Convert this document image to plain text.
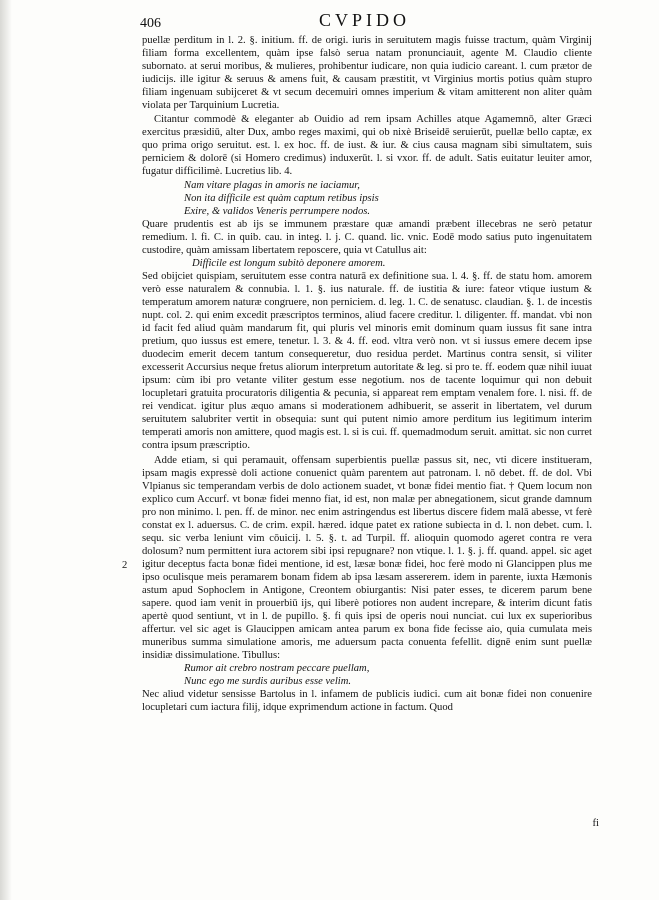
406	CVPIDO

puellæ perditum in l. 2. §. initium. ff. de origi. iuris in seruitutem magis fuisse tractum, quàm Virginij filiam forma excellentem, quàm ipse falsò serua natam pronunciauit, agente M. Claudio cliente subornato. at serui moribus, & mulieres, prohibentur iudicare, non quia iudicio careant. l. cum prætor de iudicijs. ille igitur & seruus & amens fuit, & causam præstitit, vt Virginius mortis potius quàm stupro filiam ingenuam subijceret & vt secum decemuiri omnes imperium & vitam amitterent non aliter quàm violata per Tarquinium Lucretia.

Citantur commodè & eleganter ab Ouidio ad rem ipsam Achilles atque Agamemnō, alter Græci exercitus præsidiū, alter Dux, ambo reges maximi, qui ob nixè Briseidē seruierūt, puellæ bello captæ, ex quo prima origo seruitut. est. l. ex hoc. ff. de iust. & iur. & cius causa magnam sibi simultatem, suis perniciem & dolorē (si Homero credimus) induxerūt. l. si vxor. ff. de adult. Satis euitatur leuiter amor, fugatur difficilimè. Lucretius lib. 4.

Nam vitare plagas in amoris ne iaciamur,

Non ita difficile est quàm captum retibus ipsis

Exire, & validos Veneris perrumpere nodos.

Quare prudentis est ab ijs se immunem præstare quæ amandi præbent illecebras ne serò petatur remedium. l. fi. C. in quib. cau. in integ. l. j. C. quand. lic. vnic. Eodē modo satius puto ingenuitatem custodire, quàm amissam libertatem reposcere, quia vt Catullus ait:

Difficile est longum subitò deponere amorem.

Sed obijciet quispiam, seruitutem esse contra naturā ex definitione sua. l. 4. §. ff. de statu hom. amorem verò esse naturalem & connubia. l. 1. §. ius naturale. ff. de iustitia & iure: fateor vtique iustum & temperatum amorem naturæ congruere, non perniciem. d. leg. 1. C. de senatusc. claudian. §. 1. de incestis nupt. col. 2. qui enim excedit præscriptos terminos, aliud facere creditur. l. diligenter. ff. mandat. vbi non id facit fed aliud quàm mandarum fit, qui pluris vel minoris emit dominum quam iussus fit sane intra pretium, quo iussus est emere, tenetur. l. 3. & 4. ff. eod. vltra verò non. vt si iussus emere decem ipse duodecim emerit decem tantum consequeretur, duo residua perdet. Martinus contra sensit, si viliter excesserit Accursius neque fretus aliorum interpretum autoritate & leg. si pro te. ff. eodem quæ nihil iuuat ipsum: cùm ibi pro vetante viliter gestum esse negotium. nos de tacente loquimur qui non debuit locupletari gratuita procuratoris diligentia & pecunia, si appareat rem emptam venalem fore. l. nisi. ff. de rei vendicat. igitur plus æquo amans si moderationem adhibuerit, se asserit in libertatem, vel durum seruitutem salubriter vertit in obsequia: sunt qui putent nimio amore perditum ius legitimum interim temperati amoris non amittere, quod magis est. l. si is cui. ff. quemadmodum seruit. amittat. sic non curret contra ipsum præscriptio.

Adde etiam, si qui peramauit, offensam superbientis puellæ passus sit, nec, vti dicere institueram, ipsam magis expressè doli actione conuenict quàm parentem aut patronam. l. nō debet. ff. de dol. Vbi Vlpianus sic temperandam verbis de dolo actionem suadet, vt bonæ fidei mentio fiat. † Quem locum non explico cum Accurf. vt bonæ fidei menno fiat, id est, non malæ per abnegationem, sicut grande damnum pro non minimo. l. pen. ff. de minor. nec enim astringendus est libertus discere fidem malā abesse, vt ferè constat ex l. aduersus. C. de crim. expil. hæred. idque patet ex ratione subiecta in d. l. non debet. cum. l. sequ. sic verba leniunt vim cōuicij. l. 5. §. t. ad Turpil. ff. alioquin quomodo ageret contra re vera dolosum? num permittent iura actorem sibi ipsi repugnare? non vtique. l. 1. §. j. ff. quand. appel. sic aget igitur deceptus facta bonæ fidei mentione, id est, læsæ bonæ fidei, hoc ferè modo ni Glancippen plus me ipso oculisque meis peramarem bonam fidem ab ipsa læsam assererem. idem in parente, iuxta Hæmonis astum apud Sophoclem in Antigone, Creontem obiurgantis: Nisi pater esses, te dicerem parum bene sapere. quod iam venit in prouerbiū ijs, qui liberè potiores non audent increpare, & interim dicunt fatis apertè quod sentiunt, vt in l. de pupillo. §. fi quis ipsi de operis noui nunciat. cui lux ex superioribus affertur. vel sic aget is Glaucippen amicam antea parum ex bona fide fecisse aio, quia cumulata meis muneribus summa simulatione amoris, me aduersum pacta conuenta fefellit. dignē enim sunt puellæ insidiæ dissimulatione. Tibullus:

Rumor ait crebro nostram peccare puellam,

Nunc ego me surdis auribus esse velim.

Nec aliud videtur sensisse Bartolus in l. infamem de publicis iudici. cum ait bonæ fidei non conuenire locupletari cum iactura filij, idque exprimendum actione in factum. Quod

2
fi
